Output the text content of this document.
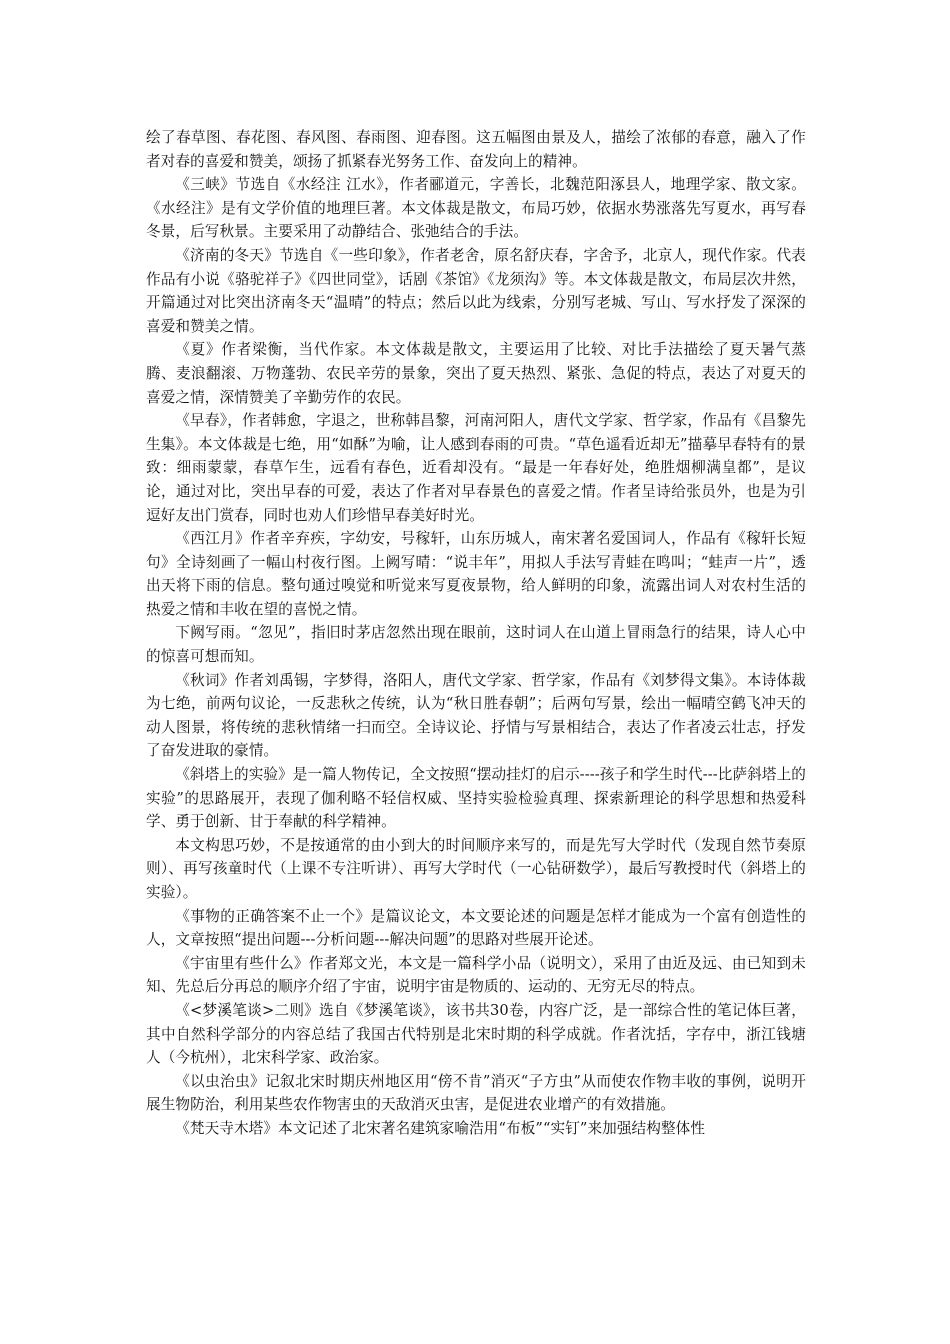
绘了春草图、春花图、春风图、春雨图、迎春图。这五幅图由景及人，描绘了浓郁的春意，融入了作者对春的喜爱和赞美，颂扬了抓紧春光努务工作、奋发向上的精神。

《三峡》节选自《水经注 江水》，作者郦道元，字善长，北魏范阳涿县人，地理学家、散文家。《水经注》是有文学价值的地理巨著。本文体裁是散文，布局巧妙，依据水势涨落先写夏水，再写春冬景，后写秋景。主要采用了动静结合、张弛结合的手法。

《济南的冬天》节选自《一些印象》，作者老舍，原名舒庆春，字舍予，北京人，现代作家。代表作品有小说《骆驼祥子》《四世同堂》，话剧《茶馆》《龙须沟》等。本文体裁是散文，布局层次井然，开篇通过对比突出济南冬天“温晴”的特点；然后以此为线索，分别写老城、写山、写水抒发了深深的喜爱和赞美之情。

《夏》作者梁衡，当代作家。本文体裁是散文，主要运用了比较、对比手法描绘了夏天暑气蒸腾、麦浪翻滚、万物蓬勃、农民辛劳的景象，突出了夏天热烈、紧张、急促的特点，表达了对夏天的喜爱之情，深情赞美了辛勤劳作的农民。

《早春》，作者韩愈，字退之，世称韩昌黎，河南河阳人，唐代文学家、哲学家，作品有《昌黎先生集》。本文体裁是七绝，用“如酥”为喻，让人感到春雨的可贵。“草色遥看近却无”描摹早春特有的景致：细雨蒙蒙，春草乍生，远看有春色，近看却没有。“最是一年春好处，绝胜烟柳满皇都”，是议论，通过对比，突出早春的可爱，表达了作者对早春景色的喜爱之情。作者呈诗给张员外，也是为引逗好友出门赏春，同时也劝人们珍惜早春美好时光。

《西江月》作者辛弃疾，字幼安，号稼轩，山东历城人，南宋著名爱国词人，作品有《稼轩长短句》全诗刻画了一幅山村夜行图。上阙写晴：“说丰年”，用拟人手法写青蛙在鸣叫；“蛙声一片”，透出天将下雨的信息。整句通过嗅觉和听觉来写夏夜景物，给人鲜明的印象，流露出词人对农村生活的热爱之情和丰收在望的喜悦之情。

下阙写雨。“忽见”，指旧时茅店忽然出现在眼前，这时词人在山道上冒雨急行的结果，诗人心中的惊喜可想而知。

《秋词》作者刘禹锡，字梦得，洛阳人，唐代文学家、哲学家，作品有《刘梦得文集》。本诗体裁为七绝，前两句议论，一反悲秋之传统，认为“秋日胜春朝”；后两句写景，绘出一幅晴空鹤飞冲天的动人图景，将传统的悲秋情绪一扫而空。全诗议论、抒情与写景相结合，表达了作者凌云壮志，抒发了奋发进取的豪情。

《斜塔上的实验》是一篇人物传记，全文按照“摆动挂灯的启示----孩子和学生时代---比萨斜塔上的实验”的思路展开，表现了伽利略不轻信权威、坚持实验检验真理、探索新理论的科学思想和热爱科学、勇于创新、甘于奉献的科学精神。

本文构思巧妙，不是按通常的由小到大的时间顺序来写的，而是先写大学时代（发现自然节奏原则）、再写孩童时代（上课不专注听讲）、再写大学时代（一心钻研数学），最后写教授时代（斜塔上的实验）。

《事物的正确答案不止一个》是篇议论文，本文要论述的问题是怎样才能成为一个富有创造性的人，文章按照“提出问题---分析问题---解决问题”的思路对些展开论述。

《宇宙里有些什么》作者郑文光，本文是一篇科学小品（说明文），采用了由近及远、由已知到未知、先总后分再总的顺序介绍了宇宙，说明宇宙是物质的、运动的、无穷无尽的特点。

《<梦溪笔谈>二则》选自《梦溪笔谈》，该书共30卷，内容广泛，是一部综合性的笔记体巨著，其中自然科学部分的内容总结了我国古代特别是北宋时期的科学成就。作者沈括，字存中，浙江钱塘人（今杭州），北宋科学家、政治家。

《以虫治虫》记叙北宋时期庆州地区用“傍不肯”消灭“子方虫”从而使农作物丰收的事例，说明开展生物防治，利用某些农作物害虫的天敌消灭虫害，是促进农业增产的有效措施。

《梵天寺木塔》本文记述了北宋著名建筑家喻浩用“布板”“实钉”来加强结构整体性
